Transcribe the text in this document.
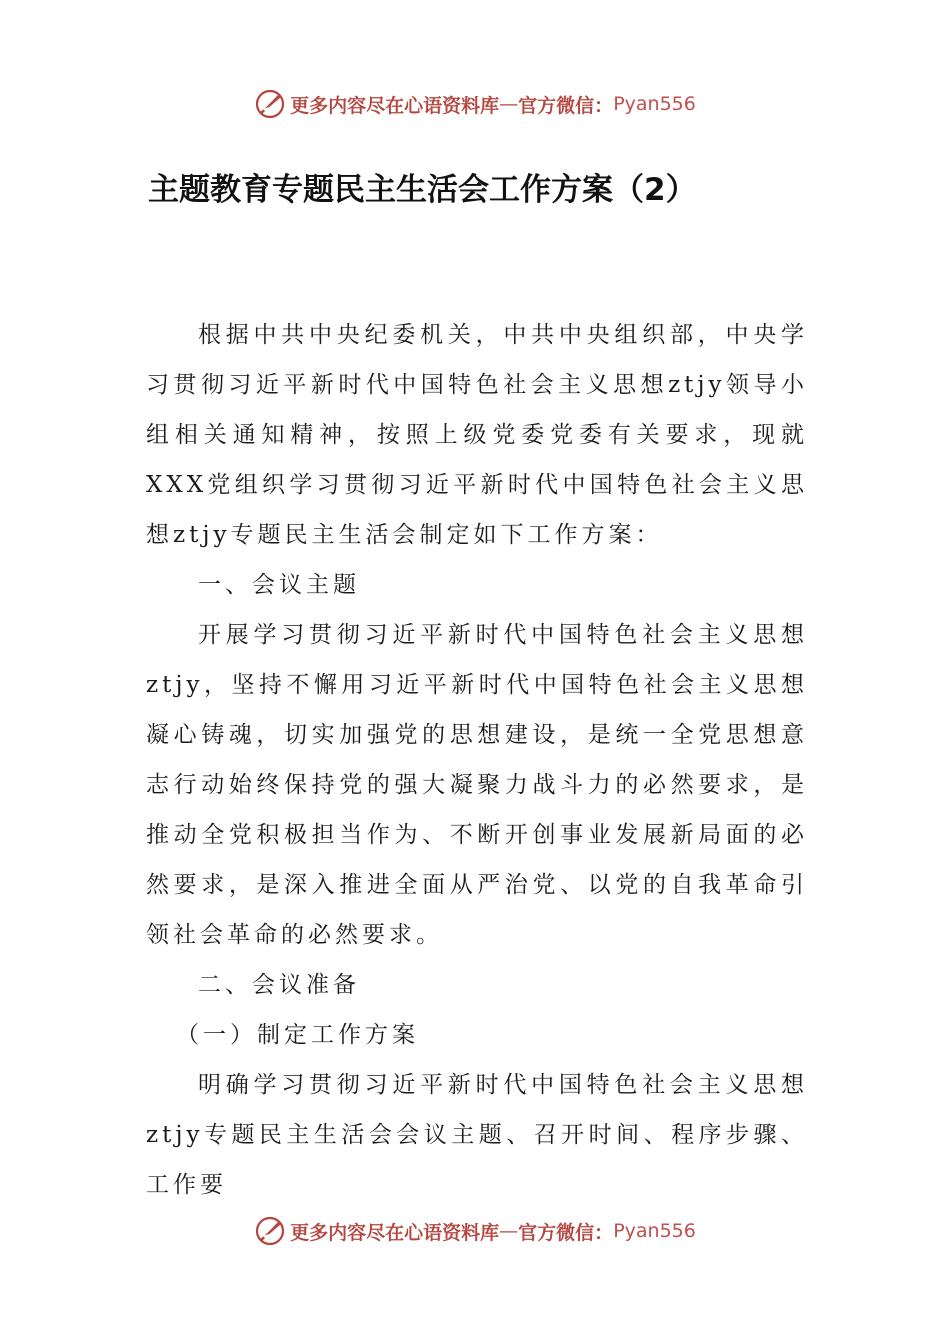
更多内容尽在心语资料库 — 官方微信： Pyan556
主题教育专题民主生活会工作方案（2）

根据中共中央纪委机关，中共中央组织部，中央学习贯彻习近平新时代中国特色社会主义思想ztjy领导小组相关通知精神，按照上级党委党委有关要求，现就XXX党组织学习贯彻习近平新时代中国特色社会主义思想ztjy专题民主生活会制定如下工作方案：

一、会议主题

开展学习贯彻习近平新时代中国特色社会主义思想ztjy，坚持不懈用习近平新时代中国特色社会主义思想凝心铸魂，切实加强党的思想建设，是统一全党思想意志行动始终保持党的强大凝聚力战斗力的必然要求，是推动全党积极担当作为、不断开创事业发展新局面的必然要求，是深入推进全面从严治党、以党的自我革命引领社会革命的必然要求。

二、会议准备

（一）制定工作方案

明确学习贯彻习近平新时代中国特色社会主义思想ztjy专题民主生活会会议主题、召开时间、程序步骤、工作要

更多内容尽在心语资料库 — 官方微信： Pyan556
